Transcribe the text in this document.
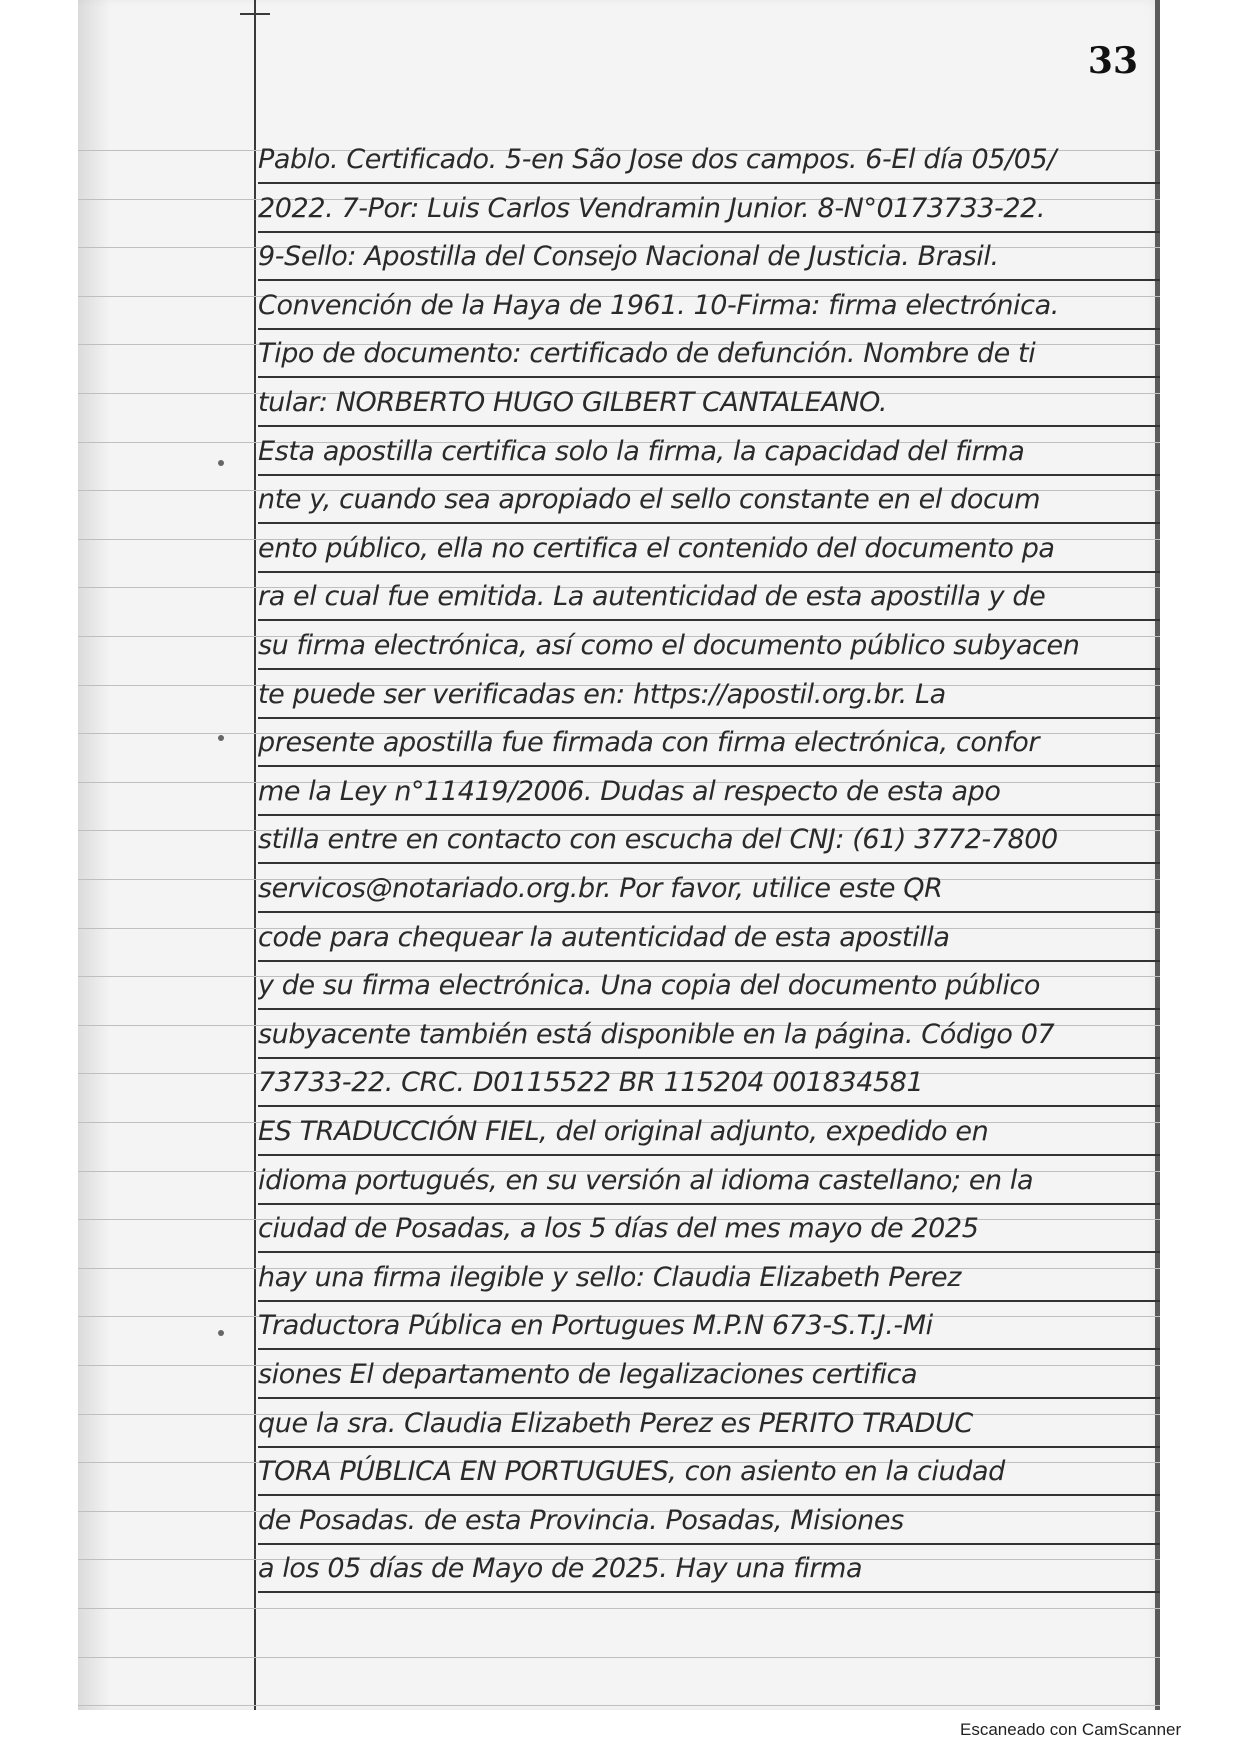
33
Pablo. Certificado. 5-en São Jose dos campos. 6-El día 05/05/
2022. 7-Por: Luis Carlos Vendramin Junior. 8-N°0173733-22.
9-Sello: Apostilla del Consejo Nacional de Justicia. Brasil.
Convención de la Haya de 1961. 10-Firma: firma electrónica.
Tipo de documento: certificado de defunción. Nombre de ti
tular: NORBERTO HUGO GILBERT CANTALEANO.
Esta apostilla certifica solo la firma, la capacidad del firma
nte y, cuando sea apropiado el sello constante en el docum
ento público, ella no certifica el contenido del documento pa
ra el cual fue emitida. La autenticidad de esta apostilla y de
su firma electrónica, así como el documento público subyacen
te puede ser verificadas en: https://apostil.org.br. La
presente apostilla fue firmada con firma electrónica, confor
me la Ley n°11419/2006. Dudas al respecto de esta apo
stilla entre en contacto con escucha del CNJ: (61) 3772-7800
servicos@notariado.org.br. Por favor, utilice este QR
code para chequear la autenticidad de esta apostilla
y de su firma electrónica. Una copia del documento público
subyacente también está disponible en la página. Código 07
73733-22. CRC. D0115522 BR 115204 001834581
ES TRADUCCIÓN FIEL, del original adjunto, expedido en
idioma portugués, en su versión al idioma castellano; en la
ciudad de Posadas, a los 5 días del mes mayo de 2025
hay una firma ilegible y sello: Claudia Elizabeth Perez
Traductora Pública en Portugues M.P.N 673-S.T.J.-Mi
siones El departamento de legalizaciones certifica
que la sra. Claudia Elizabeth Perez es PERITO TRADUC
TORA PÚBLICA EN PORTUGUES, con asiento en la ciudad
de Posadas. de esta Provincia. Posadas, Misiones
a los 05 días de Mayo de 2025. Hay una firma
Escaneado con CamScanner
